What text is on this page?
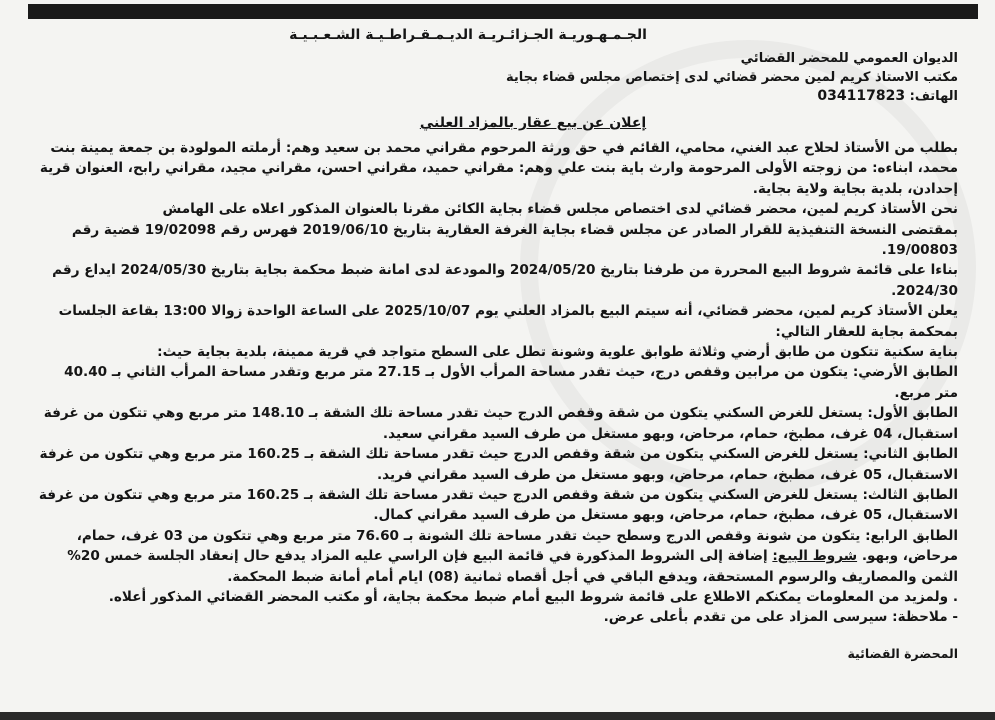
الجـمـهـوريـة الجـزائـريـة الديـمـقـراطـيـة الشـعـبـيـة
الديوان العمومي للمحضر القضائي
مكتب الاستاذ كريم لمين محضر قضائي لدى إختصاص مجلس قضاء بجاية
الهاتف: 034117823
إعلان عن بيع عقار بالمزاد العلني

بطلب من الأستاذ لحلاح عبد الغني، محامي، القائم في حق ورثة المرحوم مقراني محمد بن سعيد وهم: أرملته المولودة بن جمعة يمينة بنت محمد، ابناءه: من زوجته الأولى المرحومة وارث باية بنت علي وهم: مقراني حميد، مقراني احسن، مقراني مجيد، مقراني رابح، العنوان قرية إحدادن، بلدية بجاية ولاية بجاية.

نحن الأستاذ كريم لمين، محضر قضائي لدى اختصاص مجلس قضاء بجاية الكائن مقرنا بالعنوان المذكور اعلاه على الهامش

بمقتضى النسخة التنفيذية للقرار الصادر عن مجلس قضاء بجاية الغرفة العقارية بتاريخ 2019/06/10 فهرس رقم 19/02098 قضية رقم 19/00803.

بناءا على قائمة شروط البيع المحررة من طرفنا بتاريخ 2024/05/20 والمودعة لدى امانة ضبط محكمة بجاية بتاريخ 2024/05/30 ايداع رقم 2024/30.

يعلن الأستاذ كريم لمين، محضر قضائي، أنه سيتم البيع بالمزاد العلني يوم 2025/10/07 على الساعة الواحدة زوالا 13:00 بقاعة الجلسات بمحكمة بجاية للعقار التالي:

بناية سكنية تتكون من طابق أرضي وثلاثة طوابق علوية وشونة تطل على السطح متواجد في قرية ممينة، بلدية بجاية حيث:

الطابق الأرضي: يتكون من مرابين وقفص درج، حيث تقدر مساحة المرأب الأول بـ 27.15 متر مربع وتقدر مساحة المرأب الثاني بـ 40.40 متر مربع.

الطابق الأول: يستغل للغرض السكني يتكون من شقة وقفص الدرج حيث تقدر مساحة تلك الشقة بـ 148.10 متر مربع وهي تتكون من غرفة استقبال، 04 غرف، مطبخ، حمام، مرحاض، وبهو مستغل من طرف السيد مقراني سعيد.

الطابق الثاني: يستغل للغرض السكني يتكون من شقة وقفص الدرج حيث تقدر مساحة تلك الشقة بـ 160.25 متر مربع وهي تتكون من غرفة الاستقبال، 05 غرف، مطبخ، حمام، مرحاض، وبهو مستغل من طرف السيد مقراني فريد.

الطابق الثالث: يستغل للغرض السكني يتكون من شقة وقفص الدرج حيث تقدر مساحة تلك الشقة بـ 160.25 متر مربع وهي تتكون من غرفة الاستقبال، 05 غرف، مطبخ، حمام، مرحاض، وبهو مستغل من طرف السيد مقراني كمال.

الطابق الرابع: يتكون من شونة وقفص الدرج وسطح حيث تقدر مساحة تلك الشونة بـ 76.60 متر مربع وهي تتكون من 03 غرف، حمام، مرحاض، وبهو. شروط البيع: إضافة إلى الشروط المذكورة في قائمة البيع فإن الراسي عليه المزاد يدفع حال إنعقاد الجلسة خمس 20% الثمن والمصاريف والرسوم المستحقة، ويدفع الباقي في أجل أقصاه ثمانية (08) ايام أمام أمانة ضبط المحكمة.

. ولمزيد من المعلومات يمكنكم الاطلاع على قائمة شروط البيع أمام ضبط محكمة بجاية، أو مكتب المحضر القضائي المذكور أعلاه.

- ملاحظة: سيرسى المزاد على من تقدم بأعلى عرض.

المحضرة القضائية
